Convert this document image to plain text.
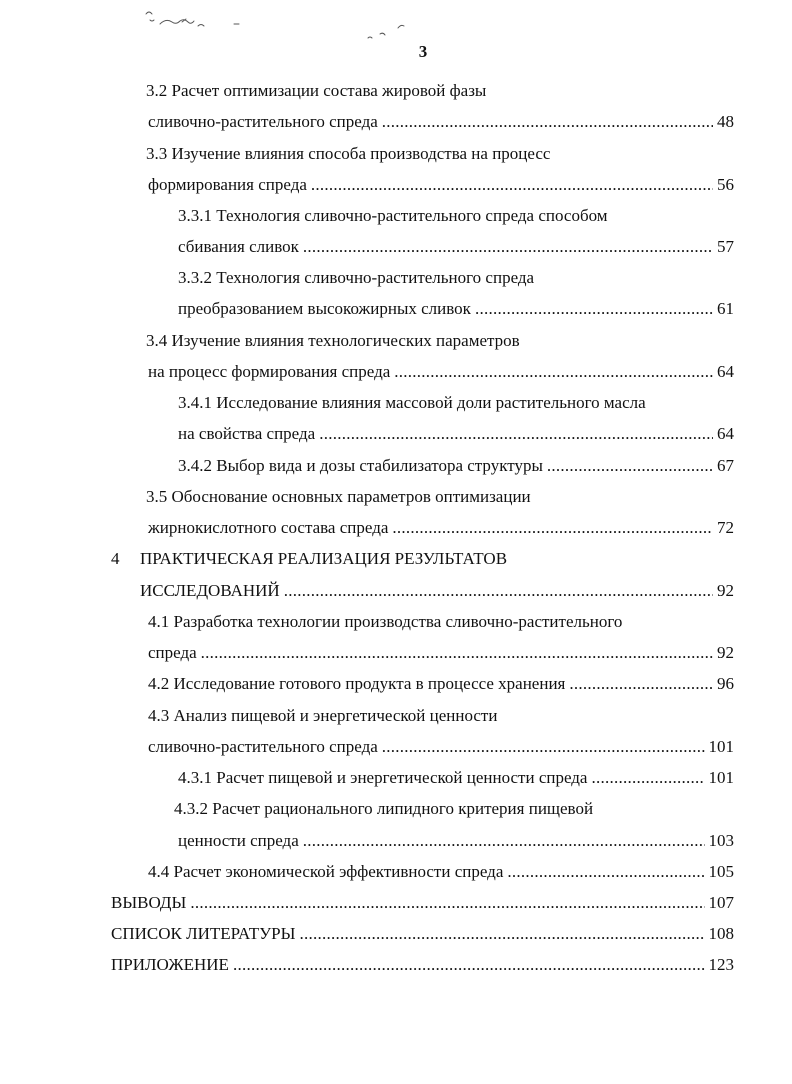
3
3.2 Расчет оптимизации состава жировой фазы
сливочно-растительного спреда . . .	48
3.3 Изучение влияния способа производства на процесс
формирования спреда . . .	56
3.3.1 Технология сливочно-растительного спреда способом
сбивания сливок . . .	57
3.3.2 Технология сливочно-растительного спреда
преобразованием высокожирных сливок . . .	61
3.4 Изучение влияния технологических параметров
на процесс формирования спреда . . .	64
3.4.1 Исследование влияния массовой доли растительного масла
на свойства спреда . . .	64
3.4.2 Выбор вида и дозы стабилизатора структуры . . .	67
3.5 Обоснование основных параметров оптимизации
жирнокислотного состава спреда . . .	72
4 ПРАКТИЧЕСКАЯ РЕАЛИЗАЦИЯ РЕЗУЛЬТАТОВ
ИССЛЕДОВАНИЙ . . .	92
4.1 Разработка технологии производства сливочно-растительного
спреда . . .	92
4.2 Исследование готового продукта в процессе хранения . . .	96
4.3 Анализ пищевой и энергетической ценности
сливочно-растительного спреда . . .	101
4.3.1 Расчет пищевой и энергетической ценности спреда . . .	101
4.3.2 Расчет рационального липидного критерия пищевой
ценности спреда . . .	103
4.4 Расчет экономической эффективности спреда . . .	105
ВЫВОДЫ . . .	107
СПИСОК ЛИТЕРАТУРЫ . . .	108
ПРИЛОЖЕНИЕ . . .	123
